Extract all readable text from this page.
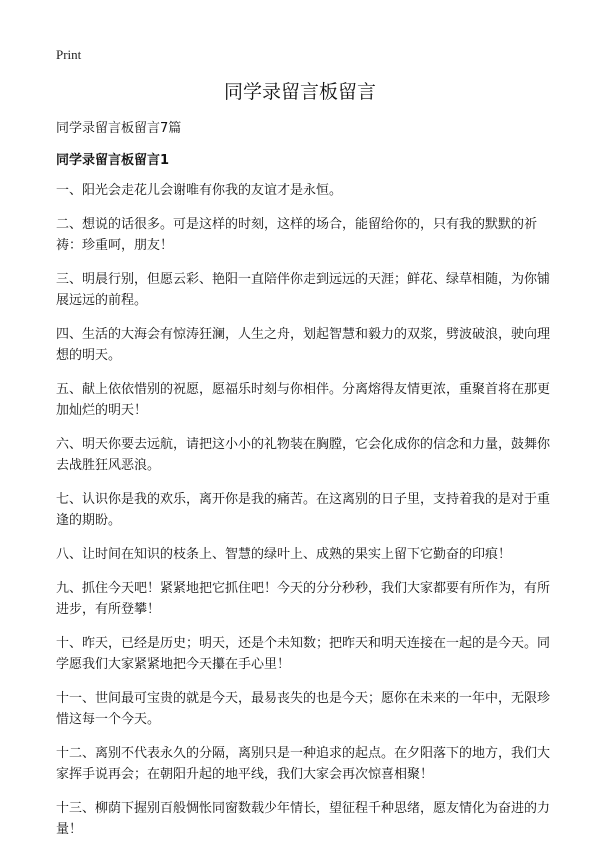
Print
同学录留言板留言
同学录留言板留言7篇
同学录留言板留言1
一、阳光会走花儿会谢唯有你我的友谊才是永恒。
二、想说的话很多。可是这样的时刻，这样的场合，能留给你的，只有我的默默的祈祷：珍重呵，朋友！
三、明晨行别，但愿云彩、艳阳一直陪伴你走到远远的天涯；鲜花、绿草相随，为你铺展远远的前程。
四、生活的大海会有惊涛狂澜，人生之舟，划起智慧和毅力的双浆，劈波破浪，驶向理想的明天。
五、献上依依惜别的祝愿，愿福乐时刻与你相伴。分离熔得友情更浓，重聚首将在那更加灿烂的明天！
六、明天你要去远航，请把这小小的礼物装在胸膛，它会化成你的信念和力量，鼓舞你去战胜狂风恶浪。
七、认识你是我的欢乐，离开你是我的痛苦。在这离别的日子里，支持着我的是对于重逢的期盼。
八、让时间在知识的枝条上、智慧的绿叶上、成熟的果实上留下它勤奋的印痕！
九、抓住今天吧！紧紧地把它抓住吧！今天的分分秒秒，我们大家都要有所作为，有所进步，有所登攀！
十、昨天，已经是历史；明天，还是个未知数；把昨天和明天连接在一起的是今天。同学愿我们大家紧紧地把今天攥在手心里！
十一、世间最可宝贵的就是今天，最易丧失的也是今天；愿你在未来的一年中，无限珍惜这每一个今天。
十二、离别不代表永久的分隔，离别只是一种追求的起点。在夕阳落下的地方，我们大家挥手说再会；在朝阳升起的地平线，我们大家会再次惊喜相聚！
十三、柳荫下握别百般惆怅同窗数载少年情长，望征程千种思绪，愿友情化为奋进的力量！
